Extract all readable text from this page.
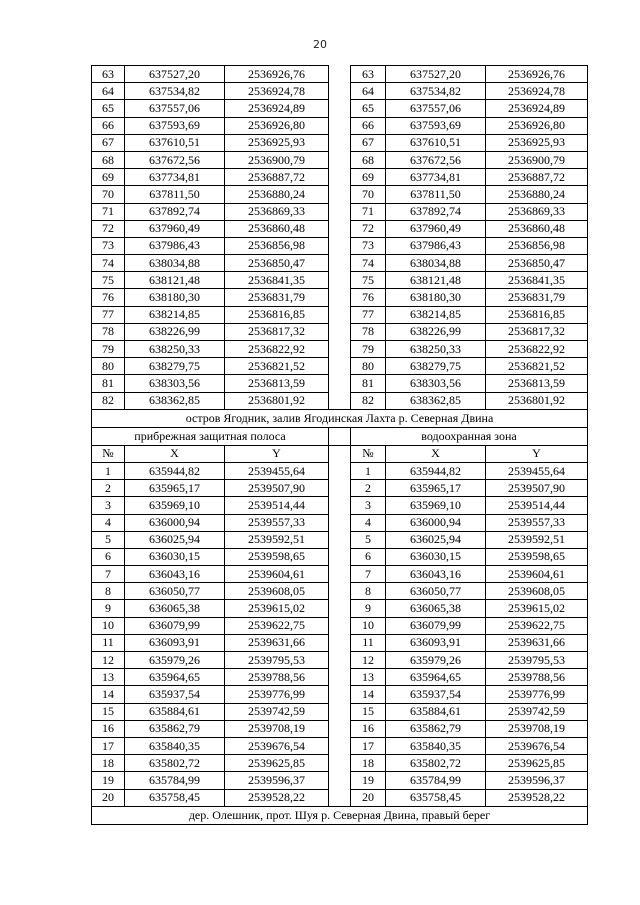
20
63	637527,20	2536926,76		63	637527,20	2536926,76
64	637534,82	2536924,78		64	637534,82	2536924,78
65	637557,06	2536924,89		65	637557,06	2536924,89
66	637593,69	2536926,80		66	637593,69	2536926,80
67	637610,51	2536925,93		67	637610,51	2536925,93
68	637672,56	2536900,79		68	637672,56	2536900,79
69	637734,81	2536887,72		69	637734,81	2536887,72
70	637811,50	2536880,24		70	637811,50	2536880,24
71	637892,74	2536869,33		71	637892,74	2536869,33
72	637960,49	2536860,48		72	637960,49	2536860,48
73	637986,43	2536856,98		73	637986,43	2536856,98
74	638034,88	2536850,47		74	638034,88	2536850,47
75	638121,48	2536841,35		75	638121,48	2536841,35
76	638180,30	2536831,79		76	638180,30	2536831,79
77	638214,85	2536816,85		77	638214,85	2536816,85
78	638226,99	2536817,32		78	638226,99	2536817,32
79	638250,33	2536822,92		79	638250,33	2536822,92
80	638279,75	2536821,52		80	638279,75	2536821,52
81	638303,56	2536813,59		81	638303,56	2536813,59
82	638362,85	2536801,92		82	638362,85	2536801,92
остров Ягодник, залив Ягодинская Лахта р. Северная Двина						
прибрежная защитная полоса				водоохранная зона		
№	X	Y		№	X	Y
1	635944,82	2539455,64		1	635944,82	2539455,64
2	635965,17	2539507,90		2	635965,17	2539507,90
3	635969,10	2539514,44		3	635969,10	2539514,44
4	636000,94	2539557,33		4	636000,94	2539557,33
5	636025,94	2539592,51		5	636025,94	2539592,51
6	636030,15	2539598,65		6	636030,15	2539598,65
7	636043,16	2539604,61		7	636043,16	2539604,61
8	636050,77	2539608,05		8	636050,77	2539608,05
9	636065,38	2539615,02		9	636065,38	2539615,02
10	636079,99	2539622,75		10	636079,99	2539622,75
11	636093,91	2539631,66		11	636093,91	2539631,66
12	635979,26	2539795,53		12	635979,26	2539795,53
13	635964,65	2539788,56		13	635964,65	2539788,56
14	635937,54	2539776,99		14	635937,54	2539776,99
15	635884,61	2539742,59		15	635884,61	2539742,59
16	635862,79	2539708,19		16	635862,79	2539708,19
17	635840,35	2539676,54		17	635840,35	2539676,54
18	635802,72	2539625,85		18	635802,72	2539625,85
19	635784,99	2539596,37		19	635784,99	2539596,37
20	635758,45	2539528,22		20	635758,45	2539528,22
дер. Олешник, прот. Шуя р. Северная Двина, правый берег						
